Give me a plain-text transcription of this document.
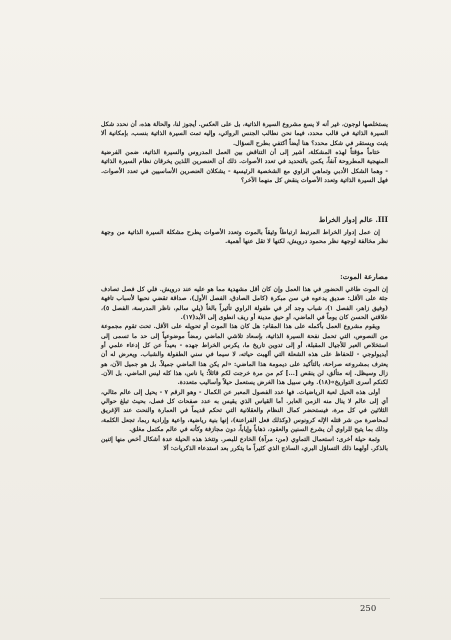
يستخلصها لوجون، غير أنه لا يسع مشروع السيرة الذاتية، بل على العكس. أيجوز لنا، والحالة هذه، أن نحدد شكل السيرة الذاتية في قالب محدد، فيما نحن نطالب الجنس الروائي، وإليه تمت السيرة الذاتية بنسب، بإمكانية ألا يثبت ويستقر في شكل محدد؟ هنا أيضاً أكتفي بطرح السؤال.

ختاماً مؤقتاً لهذه المشكلة، أشير إلى أن التناقض بين العمل المدروس والسيرة الذاتية، ضمن الفرضية المنهجية المطروحة آنفاً، يكمن بالتحديد في تعدد الأصوات. ذلك أن العنصرين اللذين يخرقان نظام السيرة الذاتية - وهما الشكل الأدبي وتماهي الراوي مع الشخصية الرئيسية - يشكلان العنصرين الأساسيين في تعدد الأصوات. فهل السيرة الذاتية وتعدد الأصوات ينقض كل منهما الآخر؟

III. عالم إدوار الخراط

إن عمل إدوار الخراط المرتبط ارتباطاً وثيقاً بالموت وتعدد الأصوات يطرح مشكلة السيرة الذاتية من وجهة نظر مخالفة لوجهة نظر محمود درويش، لكنها لا تقل عنها أهمية.

مصارعة الموت:

إن الموت طاغي الحضور في هذا العمل وإن كان أقل مشهدية مما هو عليه عند درويش. فلي كل فصل تصادف جثة على الأقل: صديق يدعوه في سن مبكرة (كامل الصادق، الفصل الأول)، صداقة تقضي نحبها لأسباب تافهة (وفيق زاهر، الفصل ١)، شباب وجد أثر في طفولة الراوي تأثيراً بالغاً (يلي سالم، ناظر المدرسة، الفصل ٥)، علاقتي الحسن كان يوماً في الماضي، أو حيق مدينة أو ريف انطوى إلى الأبد(١٧).

ويقوم مشروع العمل بأكمله على هذا المقام: هل كان هذا الموت أو تحويله على الأقل. تحت تقوم مجموعة من النصوص، التي تحمل نفحة السيرة الذاتية، بإسعاد تلاشي الماضي رمضاً موضوعياً إلى حد ما تسمى إلى استخلاص العبر للأجيال المقبلة، أو إلى تدوين تاريخ ما، يكرس الخراط جهده - بعيداً عن كل إدعاء علمي أو أيديولوجي - للحفاظ على هذه الشعلة التي ألهبت حياته، لا سيما في سني الطفولة والشباب. ويعرض له أن يعترف بمشروعه صراحة، بالتأكيد على ديمومة هذا الماضي: «لم يكن هذا الماضي جميلاً. بل هو جميل الآن، هو زال وسيظل. إنه متألق، لن ينقص [...] كم من مرة خرجت لكم قائلاً: يا ناس، هذا كله ليس الماضي. بل الآن. لكنكم أسرى التواريخ»(١٨). وفي سبيل هذا الغرض يستعمل حيلاً وأساليب متعددة.

أولى هذه الحيل لعبة الرياضيات. فها عدد الفصول المعبر عن الكمال - وهو الرقم ٧ - يحيل إلى عالم مثالي، أي إلى عالم لا ينال منه الزمن العابر. أما القياس الذي يقيس به عدد صفحات كل فصل، بحيث تبلغ حوالي الثلاثين في كل مرة، فيستحضر كمال النظام والعقلانية التي تحكم قديماً في العمارة والنحت عند الإغريق لمحاصرة من شر قتله الإله كرونوس (وكذلك فعل الفراعنة)، إنها بنية رياضية، واعية وإرادية ربما، تجعل الكلمة، وذلك بما يتيح للراوي أن يشرع السنين والعقود، ذهاباً وإياباً، دون مجازفة وكأنه في عالم مكتمل مغلق.

وثمة حيلة أخرى: استعمال التماوي (من: مرآة) الخادع للبصر. وتتخذ هذه الحيلة عدة أشكال أخص منها إثنين بالذكر. أولهما ذلك التساؤل البري، الساذج الذي كثيراً ما يتكرر بعد استدعاء الذكريات: ألا

250
